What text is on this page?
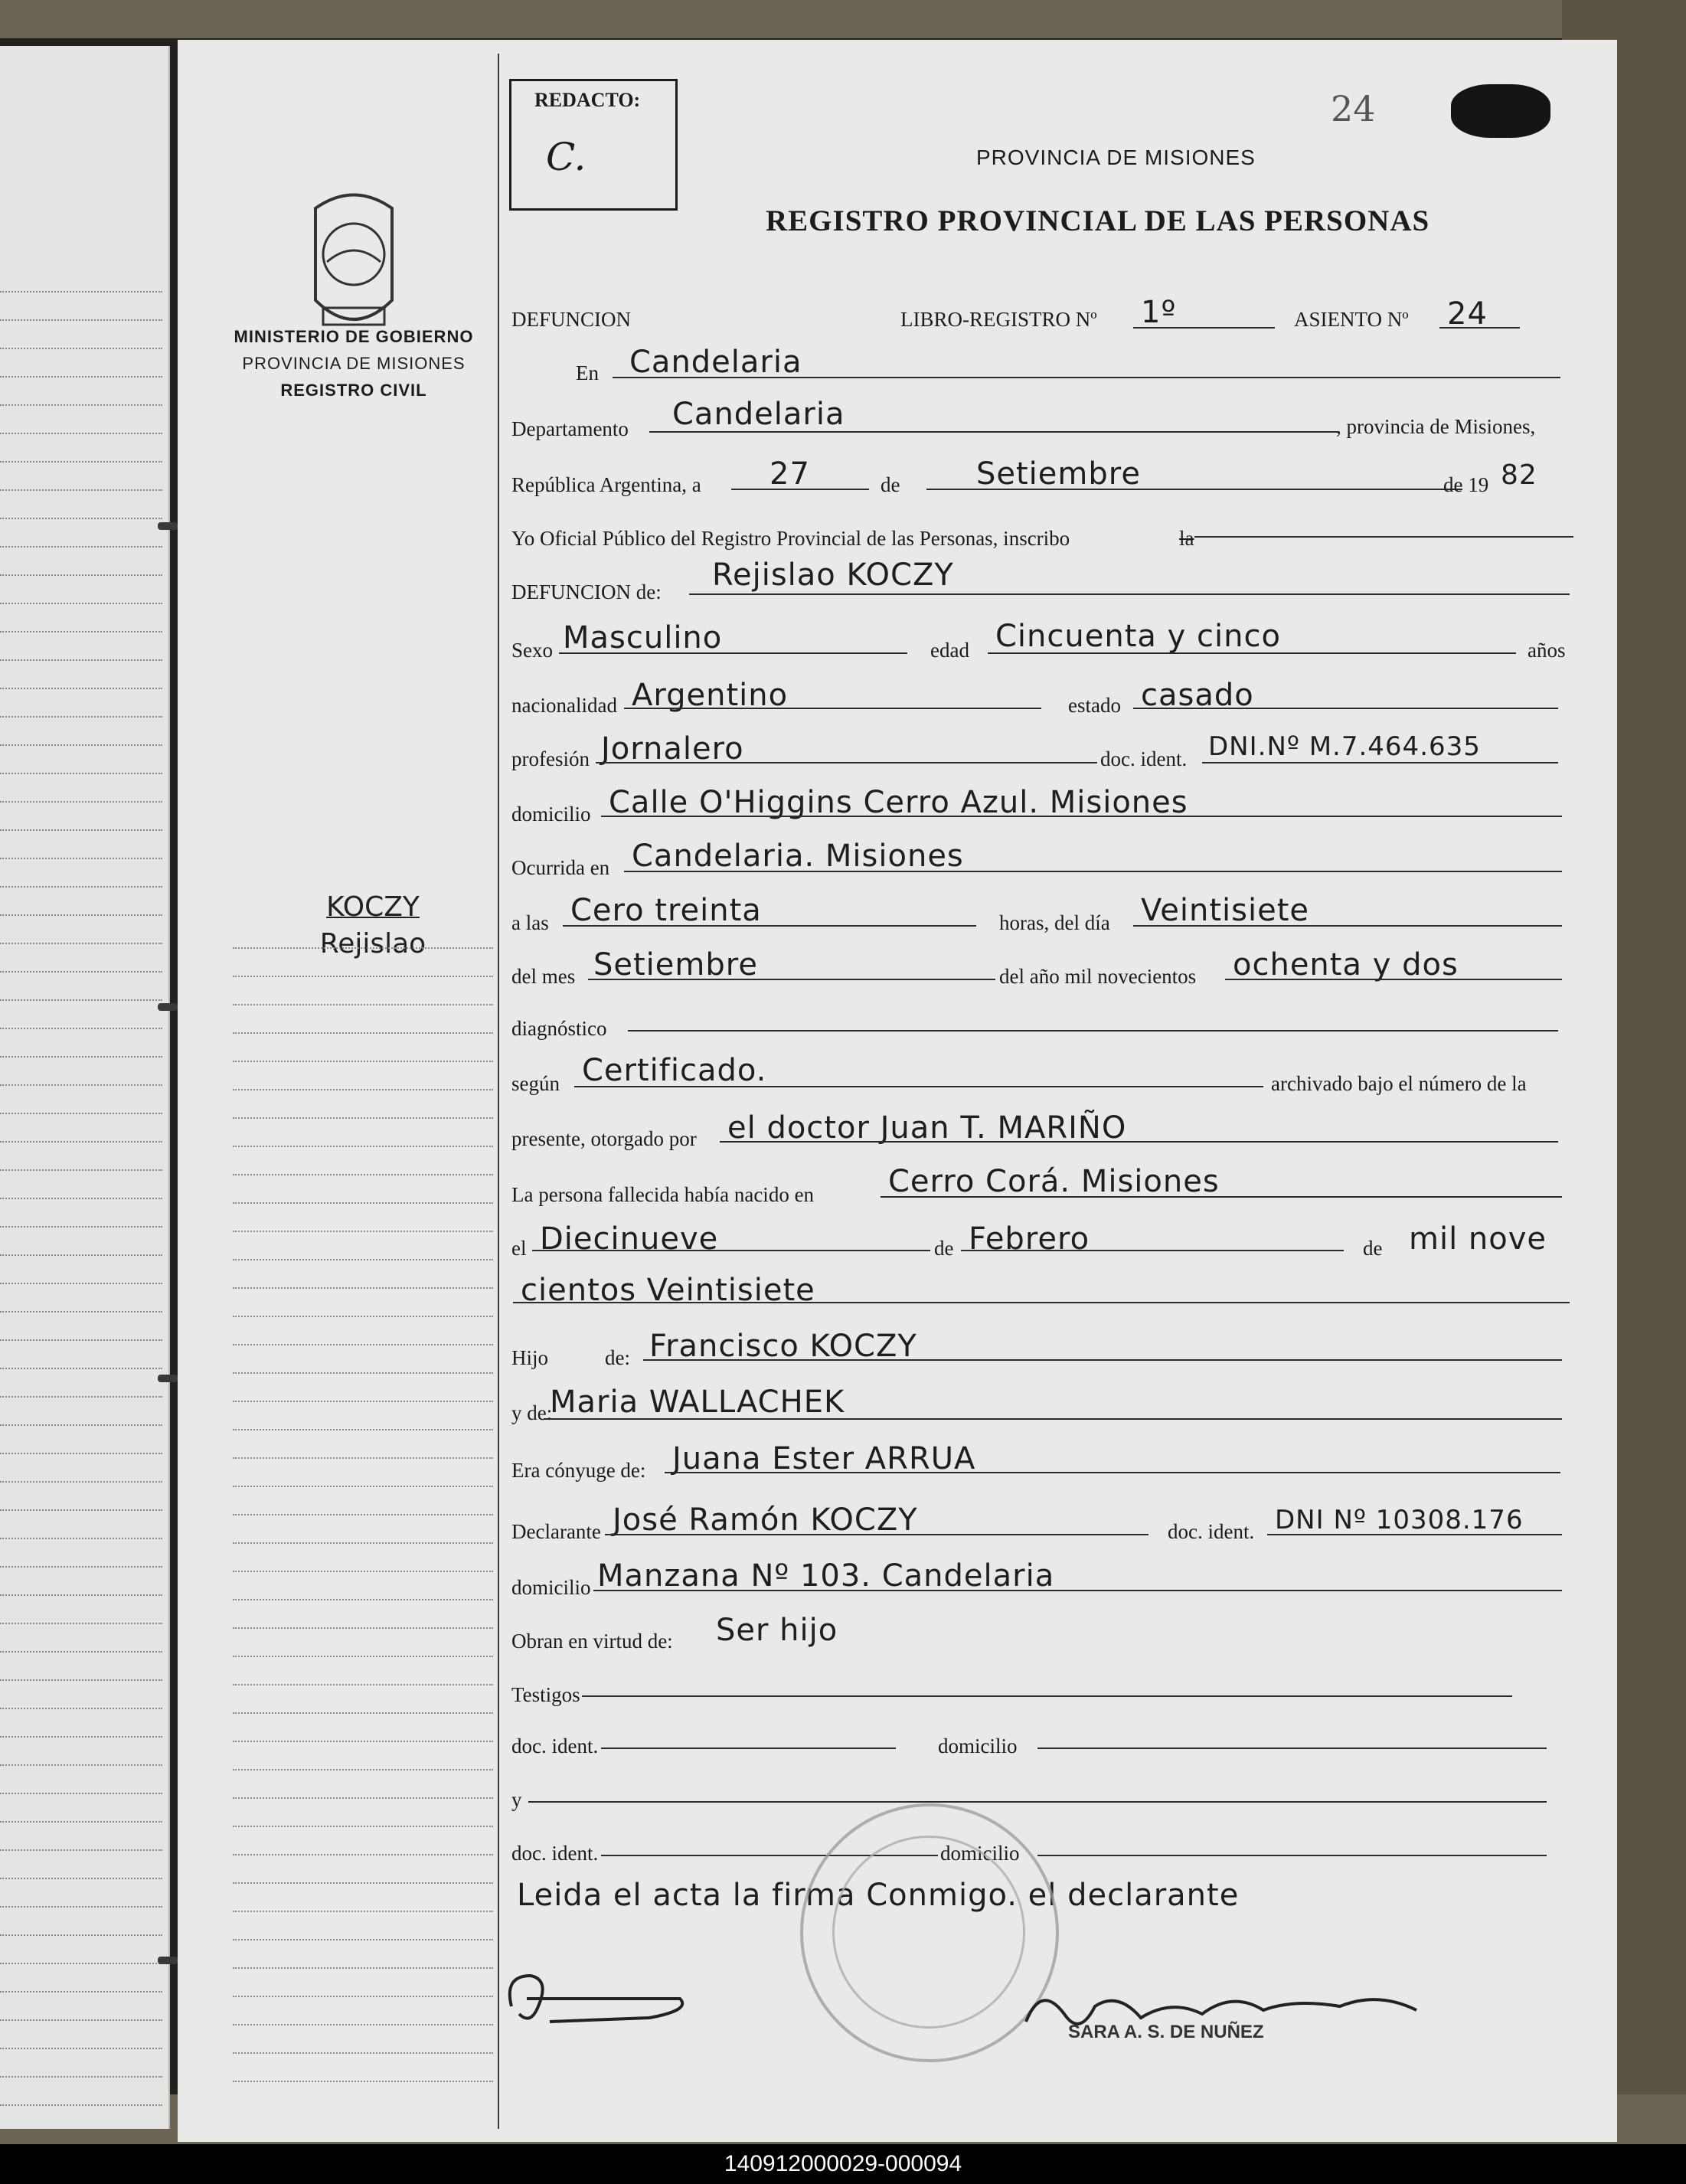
MINISTERIO DE GOBIERNO
PROVINCIA DE MISIONES
REGISTRO CIVIL
KOCZY
Rejislao
REDACTO:
C.
24
PROVINCIA DE MISIONES
REGISTRO PROVINCIAL DE LAS PERSONAS
DEFUNCION	LIBRO-REGISTRO Nº 1º	ASIENTO Nº 24
En Candelaria
Departamento Candelaria	, provincia de Misiones,
República Argentina, a 27	de Setiembre	de 19 82
Yo Oficial Público del Registro Provincial de las Personas, inscribo	la
DEFUNCION de: Rejislao KOCZY
Sexo Masculino	edad Cincuenta y cinco	años
nacionalidad Argentino	estado casado
profesión Jornalero	doc. ident. DNI.Nº M.7.464.635
domicilio Calle O'Higgins Cerro Azul. Misiones
Ocurrida en Candelaria. Misiones
a las Cero treinta	horas, del día Veintisiete
del mes Setiembre	del año mil novecientos ochenta y dos
diagnóstico
según Certificado.	archivado bajo el número de la
presente, otorgado por el doctor Juan T. MARIÑO
La persona fallecida había nacido en Cerro Corá. Misiones
el Diecinueve	de Febrero	de mil nove
cientos Veintisiete
Hijo	de: Francisco KOCZY
y de:
Maria WALLACHEK
Era cónyuge de: Juana Ester ARRUA
Declarante José Ramón KOCZY	doc. ident. DNI Nº 10308.176
domicilio Manzana Nº 103. Candelaria
Obran en virtud de: Ser hijo
Testigos
doc. ident.	domicilio
y
doc. ident.	domicilio
Leida el acta la firma Conmigo. el declarante
SARA A. S. DE NUÑEZ
140912000029-000094
